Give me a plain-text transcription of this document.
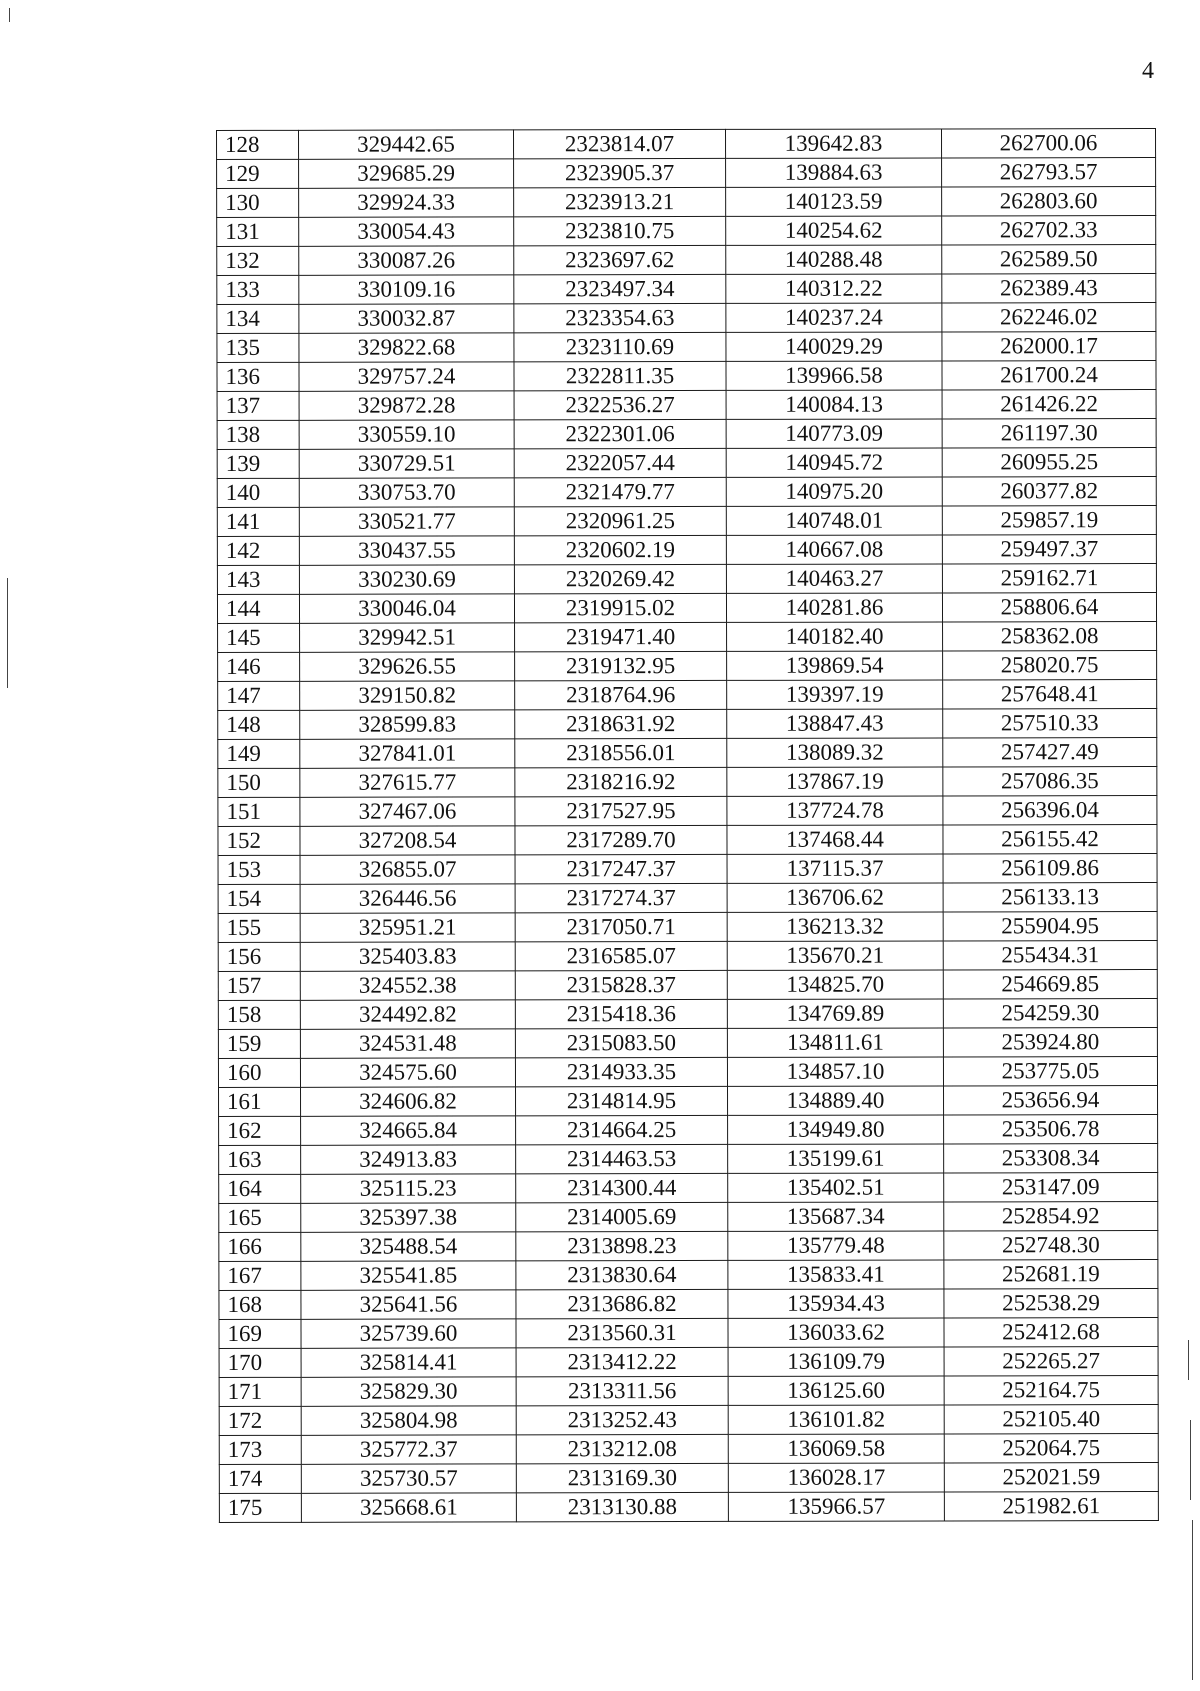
4
128	329442.65	2323814.07	139642.83	262700.06
129	329685.29	2323905.37	139884.63	262793.57
130	329924.33	2323913.21	140123.59	262803.60
131	330054.43	2323810.75	140254.62	262702.33
132	330087.26	2323697.62	140288.48	262589.50
133	330109.16	2323497.34	140312.22	262389.43
134	330032.87	2323354.63	140237.24	262246.02
135	329822.68	2323110.69	140029.29	262000.17
136	329757.24	2322811.35	139966.58	261700.24
137	329872.28	2322536.27	140084.13	261426.22
138	330559.10	2322301.06	140773.09	261197.30
139	330729.51	2322057.44	140945.72	260955.25
140	330753.70	2321479.77	140975.20	260377.82
141	330521.77	2320961.25	140748.01	259857.19
142	330437.55	2320602.19	140667.08	259497.37
143	330230.69	2320269.42	140463.27	259162.71
144	330046.04	2319915.02	140281.86	258806.64
145	329942.51	2319471.40	140182.40	258362.08
146	329626.55	2319132.95	139869.54	258020.75
147	329150.82	2318764.96	139397.19	257648.41
148	328599.83	2318631.92	138847.43	257510.33
149	327841.01	2318556.01	138089.32	257427.49
150	327615.77	2318216.92	137867.19	257086.35
151	327467.06	2317527.95	137724.78	256396.04
152	327208.54	2317289.70	137468.44	256155.42
153	326855.07	2317247.37	137115.37	256109.86
154	326446.56	2317274.37	136706.62	256133.13
155	325951.21	2317050.71	136213.32	255904.95
156	325403.83	2316585.07	135670.21	255434.31
157	324552.38	2315828.37	134825.70	254669.85
158	324492.82	2315418.36	134769.89	254259.30
159	324531.48	2315083.50	134811.61	253924.80
160	324575.60	2314933.35	134857.10	253775.05
161	324606.82	2314814.95	134889.40	253656.94
162	324665.84	2314664.25	134949.80	253506.78
163	324913.83	2314463.53	135199.61	253308.34
164	325115.23	2314300.44	135402.51	253147.09
165	325397.38	2314005.69	135687.34	252854.92
166	325488.54	2313898.23	135779.48	252748.30
167	325541.85	2313830.64	135833.41	252681.19
168	325641.56	2313686.82	135934.43	252538.29
169	325739.60	2313560.31	136033.62	252412.68
170	325814.41	2313412.22	136109.79	252265.27
171	325829.30	2313311.56	136125.60	252164.75
172	325804.98	2313252.43	136101.82	252105.40
173	325772.37	2313212.08	136069.58	252064.75
174	325730.57	2313169.30	136028.17	252021.59
175	325668.61	2313130.88	135966.57	251982.61
